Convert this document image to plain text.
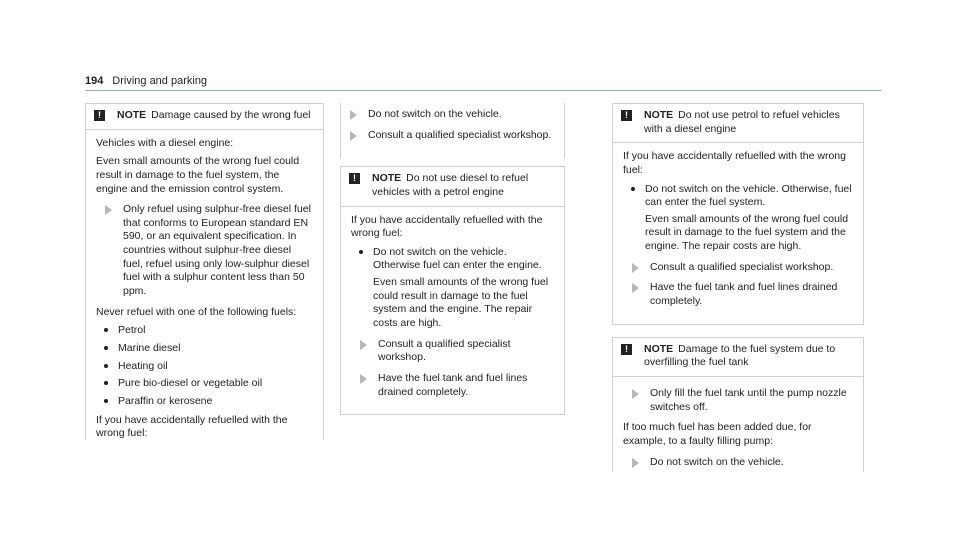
194 Driving and parking
!	NOTE Damage caused by the wrong fuel

Vehicles with a diesel engine:

Even small amounts of the wrong fuel could result in damage to the fuel system, the engine and the emission control system.

Only refuel using sulphur-free diesel fuel that conforms to European standard EN 590, or an equivalent specification. In countries without sulphur-free diesel fuel, refuel using only low-sulphur diesel fuel with a sulphur content less than 50 ppm.

Never refuel with one of the following fuels:

Petrol
Marine diesel
Heating oil
Pure bio-diesel or vegetable oil
Paraffin or kerosene

If you have accidentally refuelled with the wrong fuel:

Do not switch on the vehicle.
Consult a qualified specialist workshop.
!	NOTE Do not use diesel to refuel vehicles with a petrol engine

If you have accidentally refuelled with the wrong fuel:

Do not switch on the vehicle. Otherwise fuel can enter the engine.

Even small amounts of the wrong fuel could result in damage to the fuel system and the engine. The repair costs are high.

Consult a qualified specialist workshop.
Have the fuel tank and fuel lines drained completely.
!	NOTE Do not use petrol to refuel vehicles with a diesel engine

If you have accidentally refuelled with the wrong fuel:

Do not switch on the vehicle. Otherwise, fuel can enter the fuel system.

Even small amounts of the wrong fuel could result in damage to the fuel system and the engine. The repair costs are high.

Consult a qualified specialist workshop.
Have the fuel tank and fuel lines drained completely.
!	NOTE Damage to the fuel system due to overfilling the fuel tank
Only fill the fuel tank until the pump nozzle switches off.

If too much fuel has been added due, for example, to a faulty filling pump:

Do not switch on the vehicle.
